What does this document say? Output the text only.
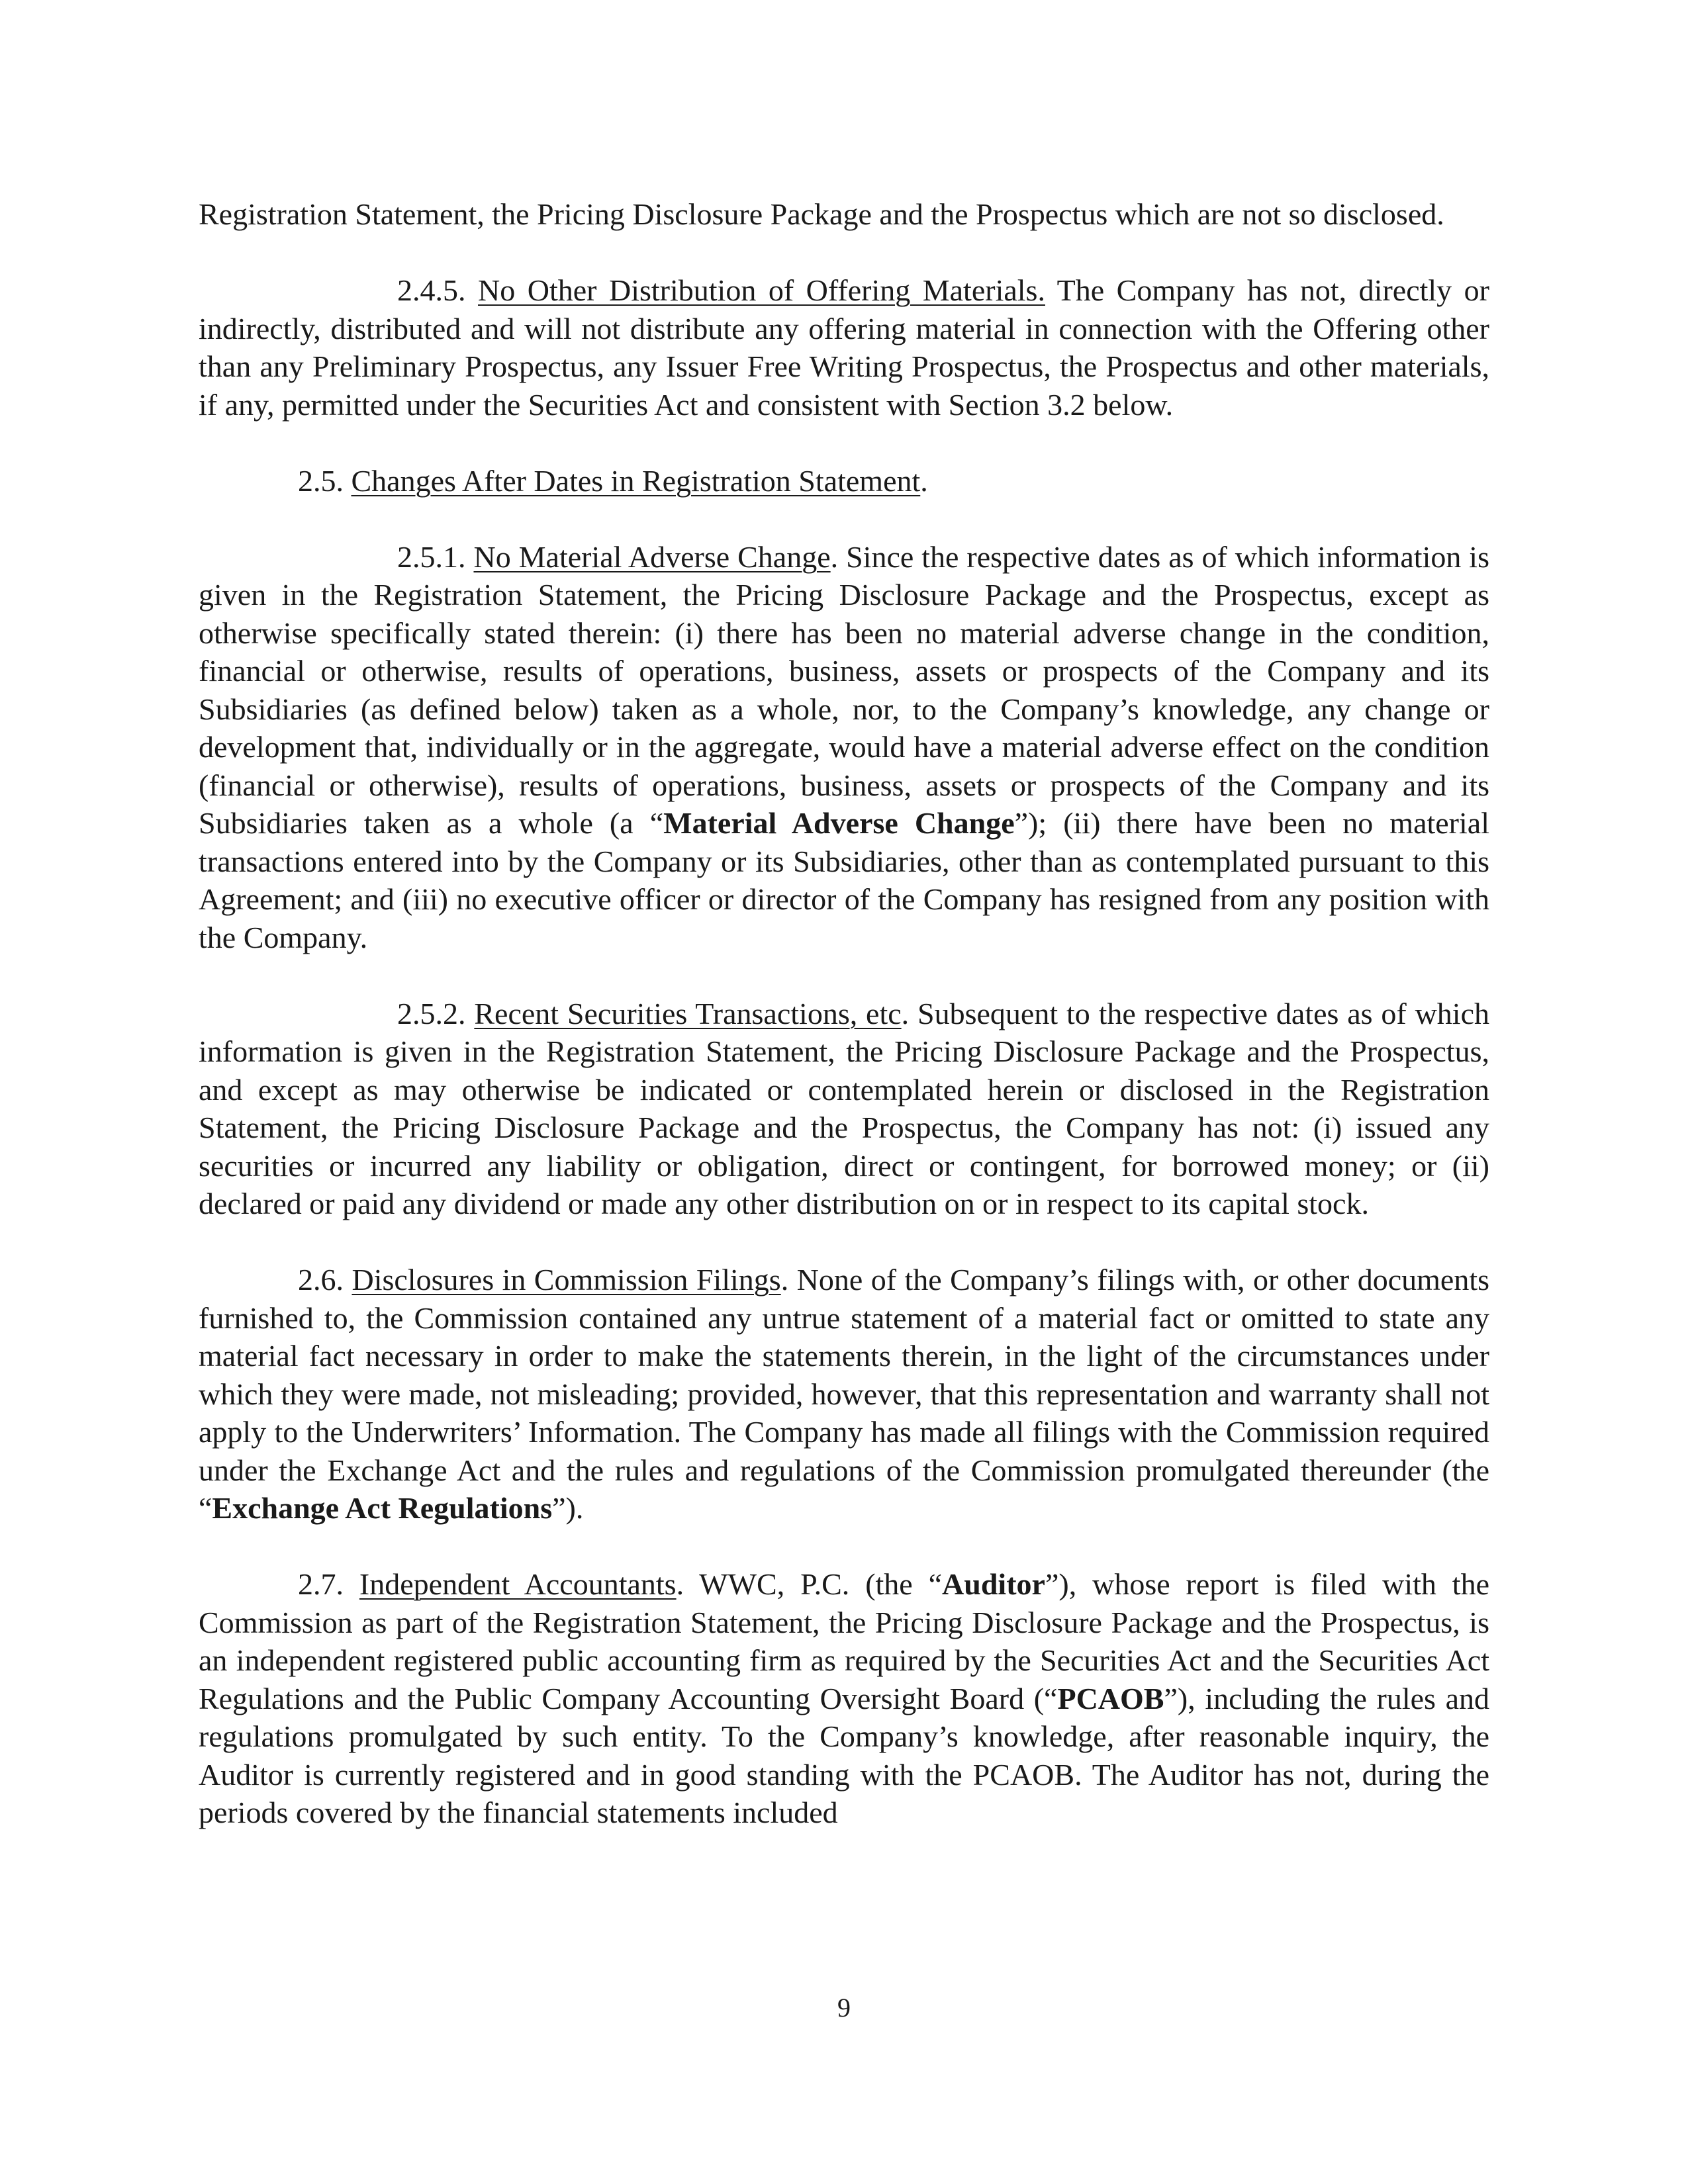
Registration Statement, the Pricing Disclosure Package and the Prospectus which are not so disclosed.

2.4.5. No Other Distribution of Offering Materials. The Company has not, directly or indirectly, distributed and will not distribute any offering material in connection with the Offering other than any Preliminary Prospectus, any Issuer Free Writing Prospectus, the Prospectus and other materials, if any, permitted under the Securities Act and consistent with Section 3.2 below.

2.5. Changes After Dates in Registration Statement.

2.5.1. No Material Adverse Change. Since the respective dates as of which information is given in the Registration Statement, the Pricing Disclosure Package and the Prospectus, except as otherwise specifically stated therein: (i) there has been no material adverse change in the condition, financial or otherwise, results of operations, business, assets or prospects of the Company and its Subsidiaries (as defined below) taken as a whole, nor, to the Company’s knowledge, any change or development that, individually or in the aggregate, would have a material adverse effect on the condition (financial or otherwise), results of operations, business, assets or prospects of the Company and its Subsidiaries taken as a whole (a “Material Adverse Change”); (ii) there have been no material transactions entered into by the Company or its Subsidiaries, other than as contemplated pursuant to this Agreement; and (iii) no executive officer or director of the Company has resigned from any position with the Company.

2.5.2. Recent Securities Transactions, etc. Subsequent to the respective dates as of which information is given in the Registration Statement, the Pricing Disclosure Package and the Prospectus, and except as may otherwise be indicated or contemplated herein or disclosed in the Registration Statement, the Pricing Disclosure Package and the Prospectus, the Company has not: (i) issued any securities or incurred any liability or obligation, direct or contingent, for borrowed money; or (ii) declared or paid any dividend or made any other distribution on or in respect to its capital stock.

2.6. Disclosures in Commission Filings. None of the Company’s filings with, or other documents furnished to, the Commission contained any untrue statement of a material fact or omitted to state any material fact necessary in order to make the statements therein, in the light of the circumstances under which they were made, not misleading; provided, however, that this representation and warranty shall not apply to the Underwriters’ Information. The Company has made all filings with the Commission required under the Exchange Act and the rules and regulations of the Commission promulgated thereunder (the “Exchange Act Regulations”).

2.7. Independent Accountants. WWC, P.C. (the “Auditor”), whose report is filed with the Commission as part of the Registration Statement, the Pricing Disclosure Package and the Prospectus, is an independent registered public accounting firm as required by the Securities Act and the Securities Act Regulations and the Public Company Accounting Oversight Board (“PCAOB”), including the rules and regulations promulgated by such entity. To the Company’s knowledge, after reasonable inquiry, the Auditor is currently registered and in good standing with the PCAOB. The Auditor has not, during the periods covered by the financial statements included

9
